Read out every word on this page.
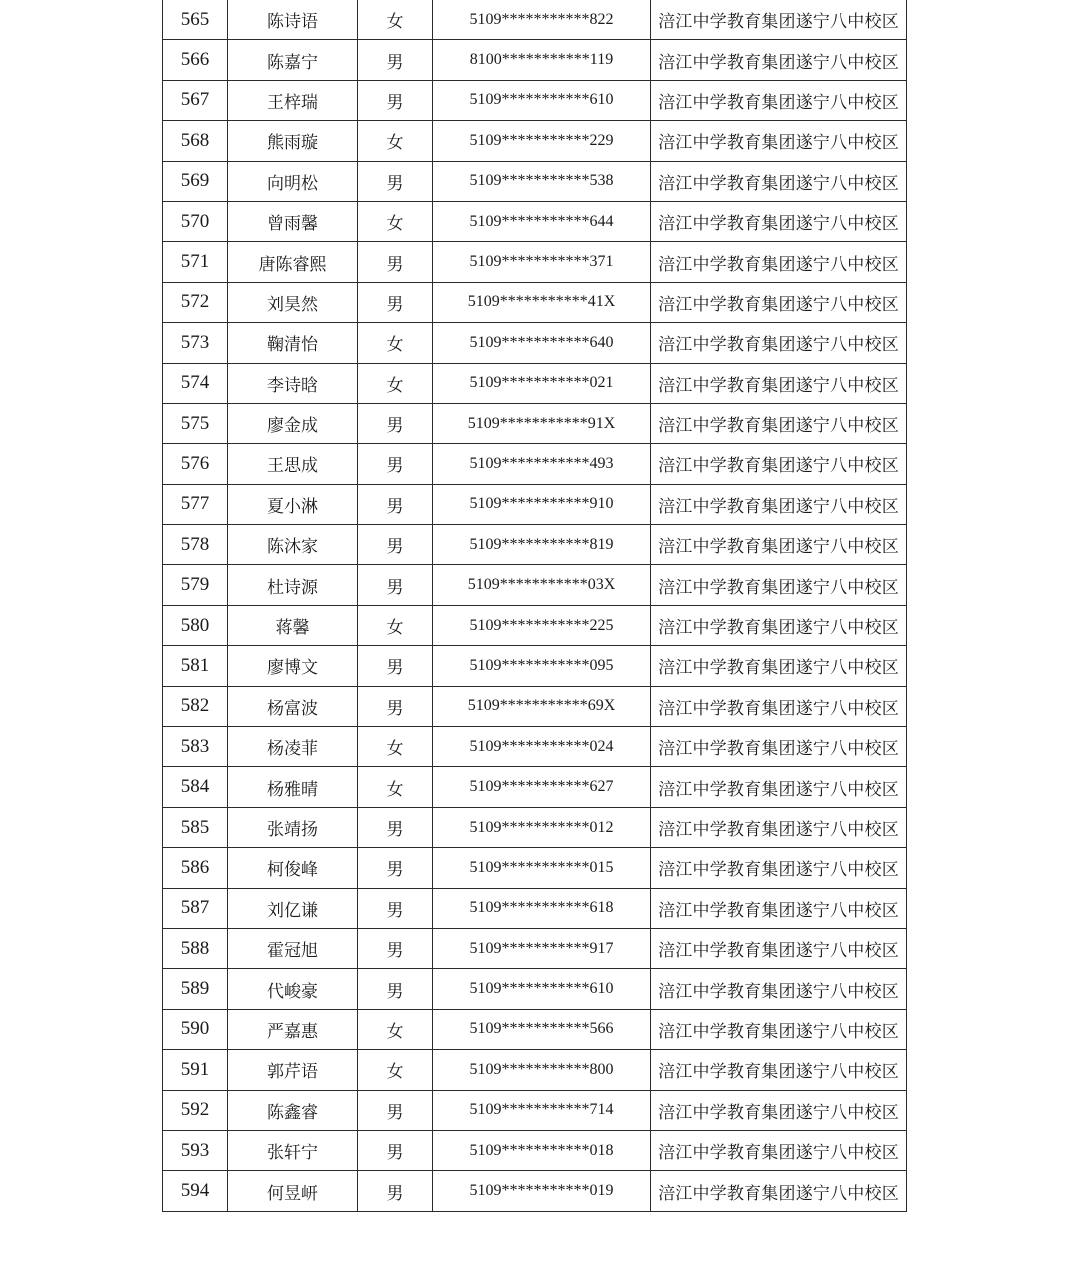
565	陈诗语	女	5109***********822	涪江中学教育集团遂宁八中校区
566	陈嘉宁	男	8100***********119	涪江中学教育集团遂宁八中校区
567	王梓瑞	男	5109***********610	涪江中学教育集团遂宁八中校区
568	熊雨璇	女	5109***********229	涪江中学教育集团遂宁八中校区
569	向明松	男	5109***********538	涪江中学教育集团遂宁八中校区
570	曾雨馨	女	5109***********644	涪江中学教育集团遂宁八中校区
571	唐陈睿熙	男	5109***********371	涪江中学教育集团遂宁八中校区
572	刘昊然	男	5109***********41X	涪江中学教育集团遂宁八中校区
573	鞠清怡	女	5109***********640	涪江中学教育集团遂宁八中校区
574	李诗晗	女	5109***********021	涪江中学教育集团遂宁八中校区
575	廖金成	男	5109***********91X	涪江中学教育集团遂宁八中校区
576	王思成	男	5109***********493	涪江中学教育集团遂宁八中校区
577	夏小淋	男	5109***********910	涪江中学教育集团遂宁八中校区
578	陈沐家	男	5109***********819	涪江中学教育集团遂宁八中校区
579	杜诗源	男	5109***********03X	涪江中学教育集团遂宁八中校区
580	蒋馨	女	5109***********225	涪江中学教育集团遂宁八中校区
581	廖博文	男	5109***********095	涪江中学教育集团遂宁八中校区
582	杨富波	男	5109***********69X	涪江中学教育集团遂宁八中校区
583	杨凌菲	女	5109***********024	涪江中学教育集团遂宁八中校区
584	杨雅晴	女	5109***********627	涪江中学教育集团遂宁八中校区
585	张靖扬	男	5109***********012	涪江中学教育集团遂宁八中校区
586	柯俊峰	男	5109***********015	涪江中学教育集团遂宁八中校区
587	刘亿谦	男	5109***********618	涪江中学教育集团遂宁八中校区
588	霍冠旭	男	5109***********917	涪江中学教育集团遂宁八中校区
589	代峻豪	男	5109***********610	涪江中学教育集团遂宁八中校区
590	严嘉惠	女	5109***********566	涪江中学教育集团遂宁八中校区
591	郭芹语	女	5109***********800	涪江中学教育集团遂宁八中校区
592	陈鑫睿	男	5109***********714	涪江中学教育集团遂宁八中校区
593	张轩宁	男	5109***********018	涪江中学教育集团遂宁八中校区
594	何昱岍	男	5109***********019	涪江中学教育集团遂宁八中校区
